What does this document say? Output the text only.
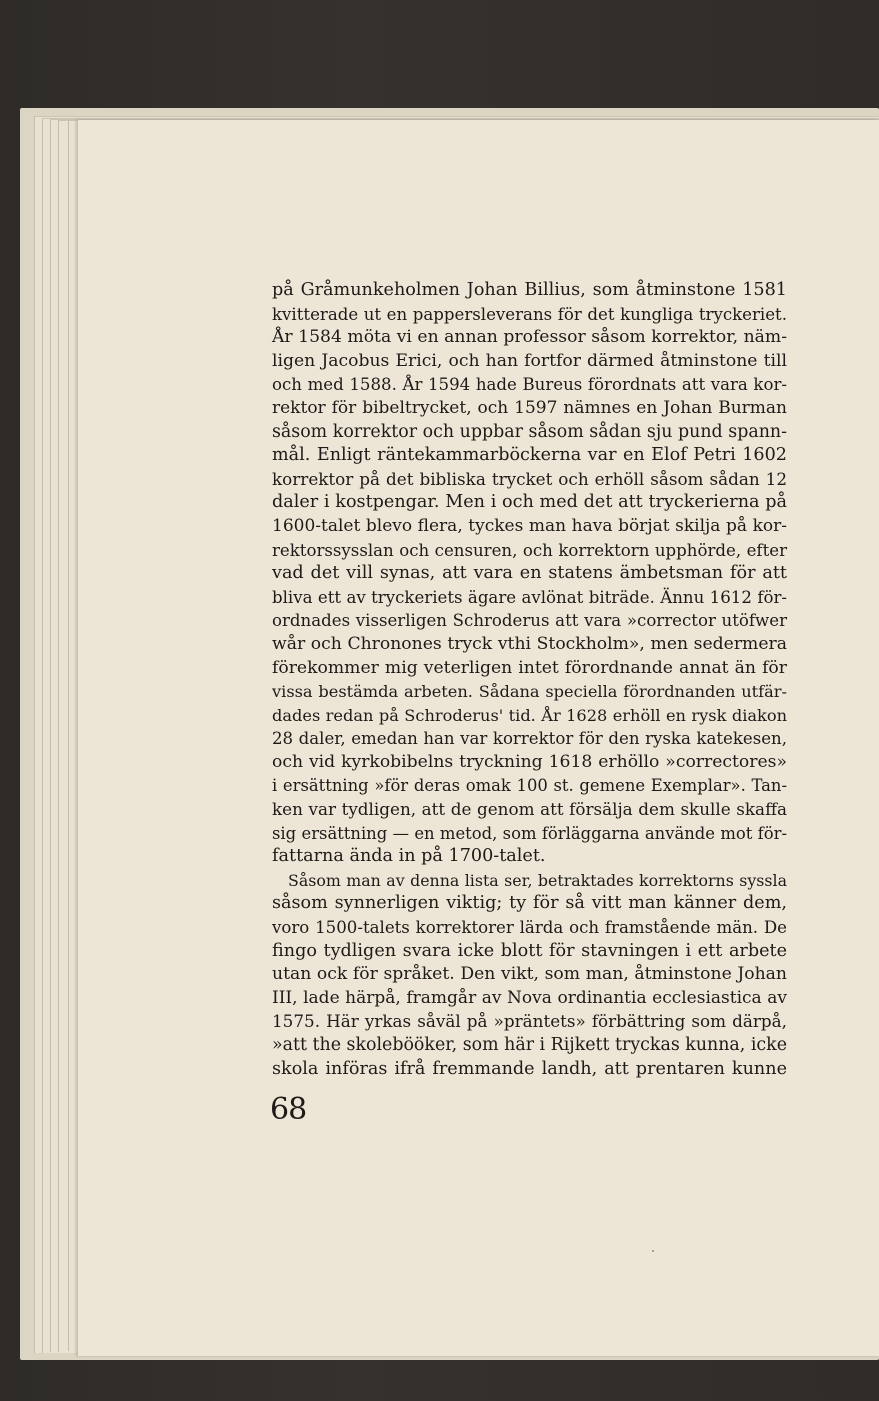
på Gråmunkeholmen Johan Billius, som åtminstone 1581
kvitterade ut en pappersleverans för det kungliga tryckeriet.
År 1584 möta vi en annan professor såsom korrektor, näm-
ligen Jacobus Erici, och han fortfor därmed åtminstone till
och med 1588. År 1594 hade Bureus förordnats att vara kor-
rektor för bibeltrycket, och 1597 nämnes en Johan Burman
såsom korrektor och uppbar såsom sådan sju pund spann-
mål. Enligt räntekammarböckerna var en Elof Petri 1602
korrektor på det bibliska trycket och erhöll såsom sådan 12
daler i kostpengar. Men i och med det att tryckerierna på
1600-talet blevo flera, tyckes man hava börjat skilja på kor-
rektorssysslan och censuren, och korrektorn upphörde, efter
vad det vill synas, att vara en statens ämbetsman för att
bliva ett av tryckeriets ägare avlönat biträde. Ännu 1612 för-
ordnades visserligen Schroderus att vara »corrector utöfwer
wår och Chronones tryck vthi Stockholm», men sedermera
förekommer mig veterligen intet förordnande annat än för
vissa bestämda arbeten. Sådana speciella förordnanden utfär-
dades redan på Schroderus' tid. År 1628 erhöll en rysk diakon
28 daler, emedan han var korrektor för den ryska katekesen,
och vid kyrkobibelns tryckning 1618 erhöllo »correctores»
i ersättning »för deras omak 100 st. gemene Exemplar». Tan-
ken var tydligen, att de genom att försälja dem skulle skaffa
sig ersättning — en metod, som förläggarna använde mot för-
fattarna ända in på 1700-talet.
Såsom man av denna lista ser, betraktades korrektorns syssla
såsom synnerligen viktig; ty för så vitt man känner dem,
voro 1500-talets korrektorer lärda och framstående män. De
fingo tydligen svara icke blott för stavningen i ett arbete
utan ock för språket. Den vikt, som man, åtminstone Johan
III, lade härpå, framgår av Nova ordinantia ecclesiastica av
1575. Här yrkas såväl på »präntets» förbättring som därpå,
»att the skolebööker, som här i Rijkett tryckas kunna, icke
skola införas ifrå fremmande landh, att prentaren kunne
68
